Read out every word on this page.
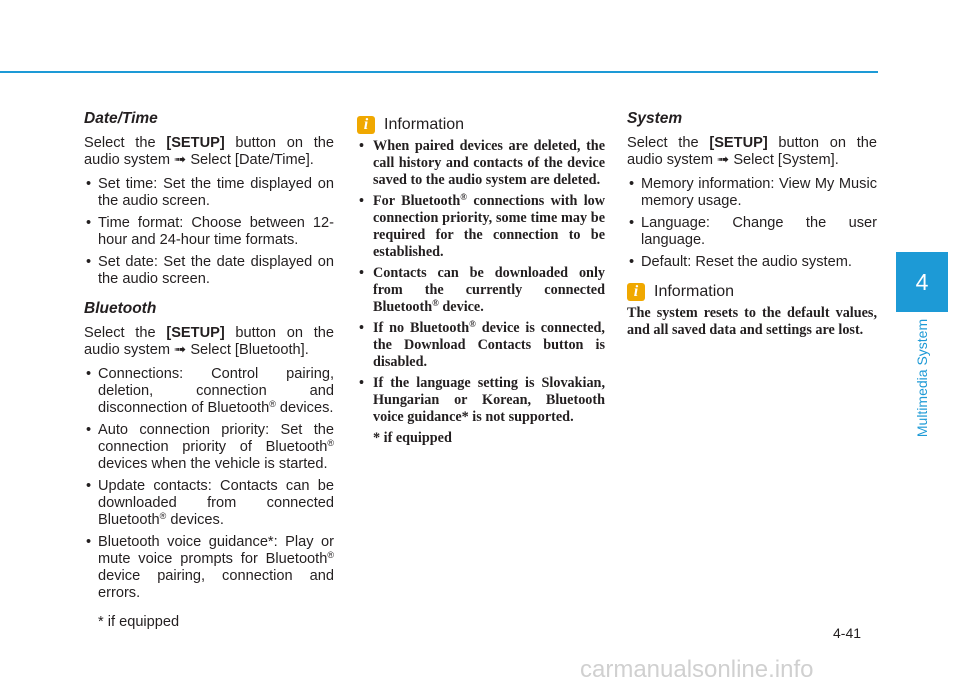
Date/Time

Select the [SETUP] button on the audio system ➟ Select [Date/Time].

• Set time: Set the time displayed on the audio screen.
• Time format: Choose between 12-hour and 24-hour time formats.
• Set date: Set the date displayed on the audio screen.
Bluetooth

Select the [SETUP] button on the audio system ➟ Select [Bluetooth].

• Connections: Control pairing, deletion, connection and disconnection of Bluetooth® devices.
• Auto connection priority: Set the connection priority of Bluetooth® devices when the vehicle is started.
• Update contacts: Contacts can be downloaded from connected Bluetooth® devices.
• Bluetooth voice guidance*: Play or mute voice prompts for Bluetooth® device pairing, connection and errors.

* if equipped

i Information
• When paired devices are deleted, the call history and contacts of the device saved to the audio system are deleted.
• For Bluetooth® connections with low connection priority, some time may be required for the connection to be established.
• Contacts can be downloaded only from the currently connected Bluetooth® device.
• If no Bluetooth® device is connected, the Download Contacts button is disabled.
• If the language setting is Slovakian, Hungarian or Korean, Bluetooth voice guidance* is not supported.

* if equipped

System

Select the [SETUP] button on the audio system ➟ Select [System].

• Memory information: View My Music memory usage.
• Language: Change the user language.
• Default: Reset the audio system.
i Information

The system resets to the default values, and all saved data and settings are lost.

4
Multimedia System
4-41
carmanualsonline.info
